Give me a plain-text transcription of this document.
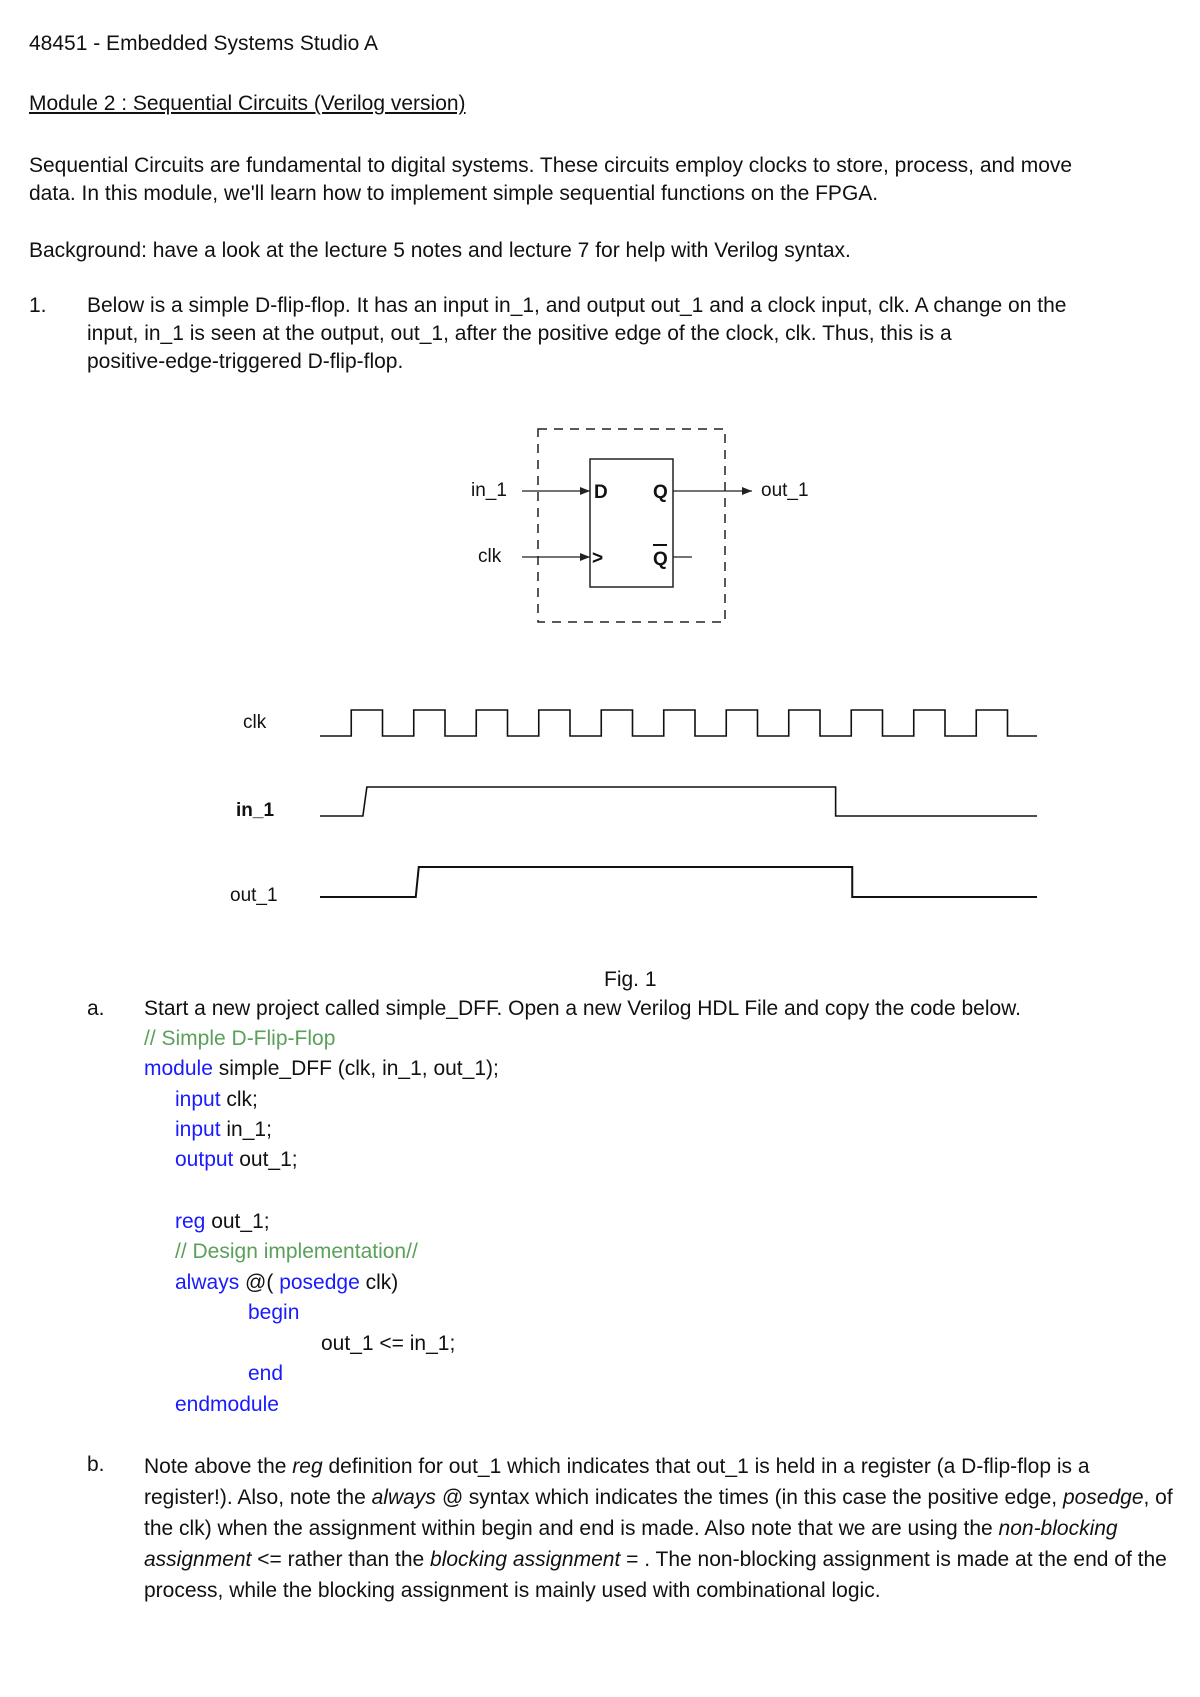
48451 - Embedded Systems Studio A
Module 2 : Sequential Circuits (Verilog version)
Sequential Circuits are fundamental to digital systems. These circuits employ clocks to store, process, and move
data. In this module, we'll learn how to implement simple sequential functions on the FPGA.
Background: have a look at the lecture 5 notes and lecture 7 for help with Verilog syntax.
1. Below is a simple D-flip-flop. It has an input in_1, and output out_1 and a clock input, clk. A change on the
input, in_1 is seen at the output, out_1, after the positive edge of the clock, clk. Thus, this is a
positive-edge-triggered D-flip-flop.
in_1
clk
out_1
D Q
>	Q
clk
in_1
out_1
Fig. 1
a. Start a new project called simple_DFF. Open a new Verilog HDL File and copy the code below.
// Simple D-Flip-Flop
module simple_DFF (clk, in_1, out_1);
input clk;
input in_1;
output out_1;
reg out_1;
// Design implementation//
always @( posedge clk)
begin
out_1 <= in_1;
end
endmodule
b. Note above the reg definition for out_1 which indicates that out_1 is held in a register (a D-flip-flop is a register!). Also, note the always @ syntax which indicates the times (in this case the positive edge, posedge, of the clk) when the assignment within begin and end is made. Also note that we are using the non-blocking assignment <= rather than the blocking assignment = . The non-blocking assignment is made at the end of the process, while the blocking assignment is mainly used with combinational logic.
